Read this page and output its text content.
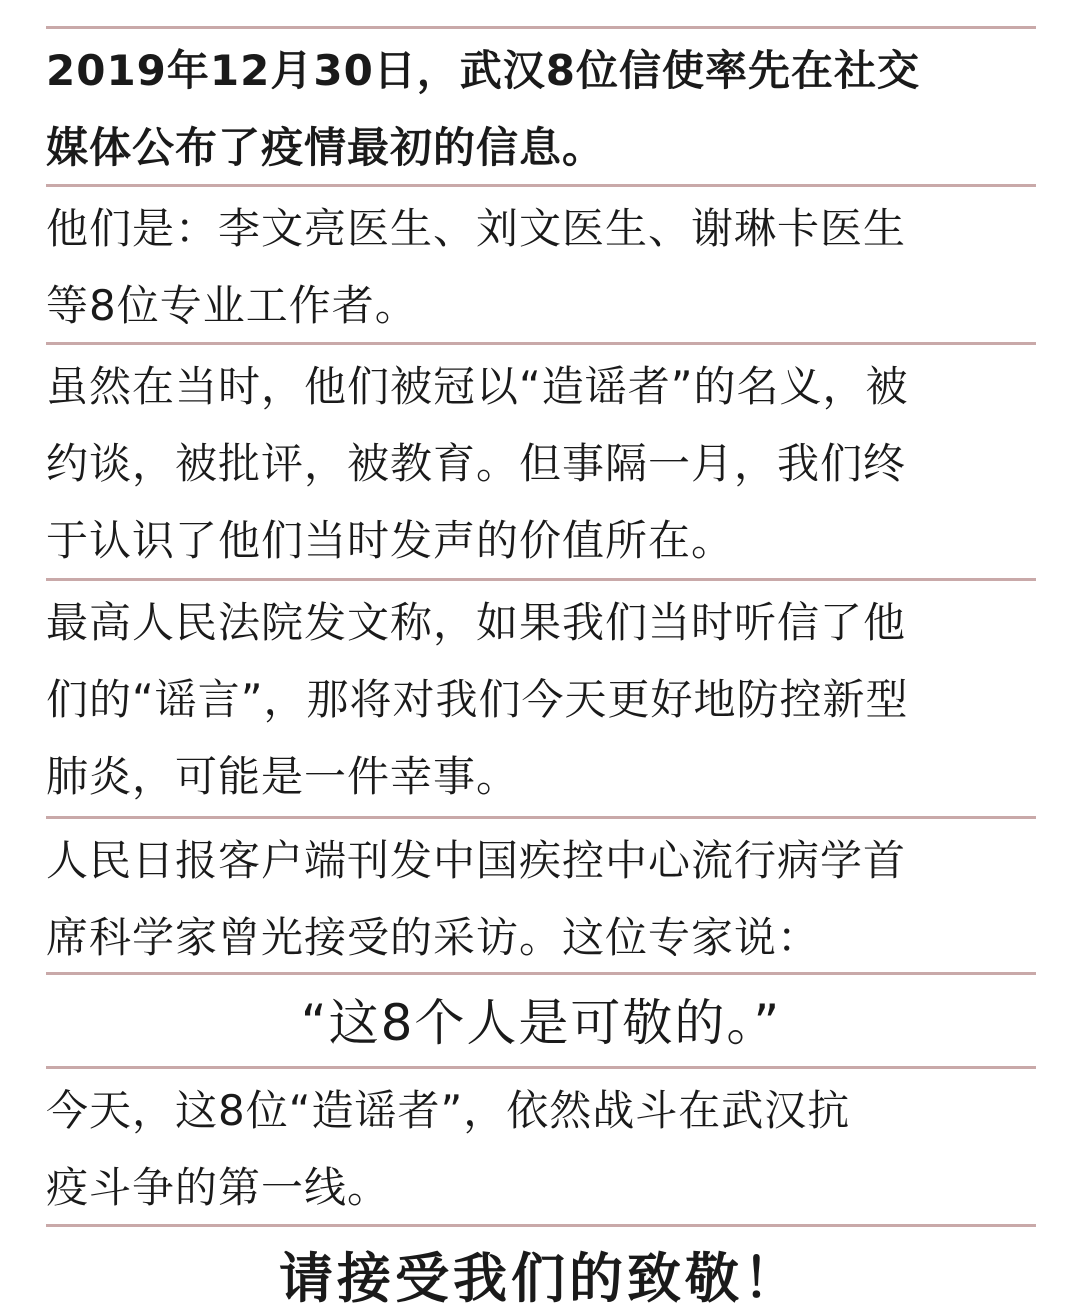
2019年12月30日，武汉8位信使率先在社交
媒体公布了疫情最初的信息。
他们是：李文亮医生、刘文医生、谢琳卡医生
等8位专业工作者。
虽然在当时，他们被冠以“造谣者”的名义，被
约谈，被批评，被教育。但事隔一月，我们终
于认识了他们当时发声的价值所在。
最高人民法院发文称，如果我们当时听信了他
们的“谣言”，那将对我们今天更好地防控新型
肺炎，可能是一件幸事。
人民日报客户端刊发中国疾控中心流行病学首
席科学家曾光接受的采访。这位专家说：
“这8个人是可敬的。”
今天，这8位“造谣者”，依然战斗在武汉抗
疫斗争的第一线。
请接受我们的致敬！
